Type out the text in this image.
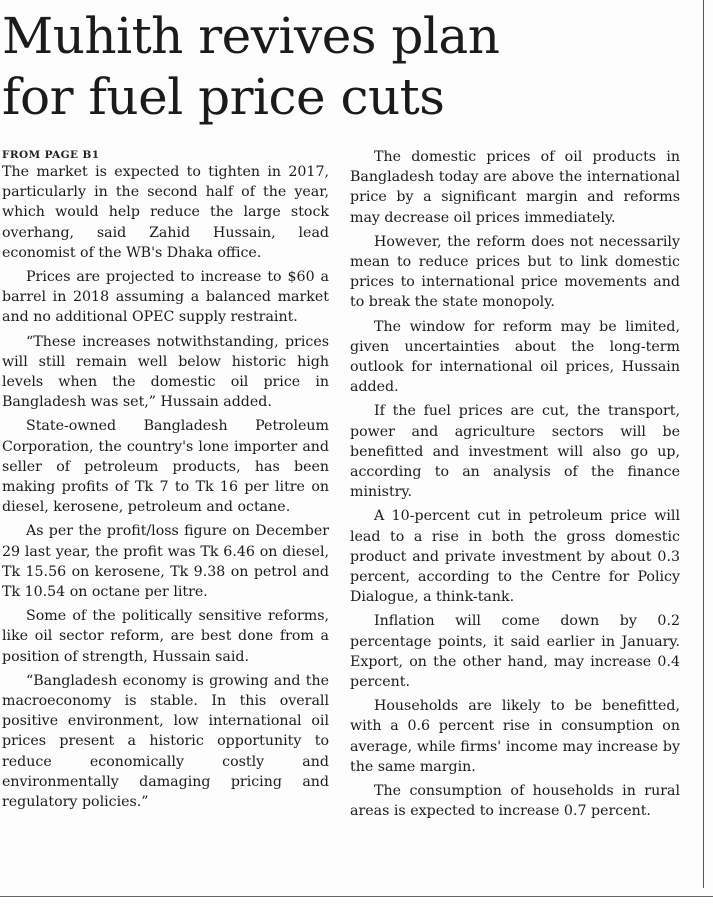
Muhith revives plan
for fuel price cuts
FROM PAGE B1

The market is expected to tighten in 2017, particularly in the second half of the year, which would help reduce the large stock overhang, said Zahid Hussain, lead economist of the WB's Dhaka office.

Prices are projected to increase to $60 a barrel in 2018 assuming a balanced market and no additional OPEC supply restraint.

“These increases notwithstanding, prices will still remain well below historic high levels when the domestic oil price in Bangladesh was set,” Hussain added.

State-owned Bangladesh Petroleum Corporation, the country's lone importer and seller of petroleum products, has been making profits of Tk 7 to Tk 16 per litre on diesel, kerosene, petroleum and octane.

As per the profit/loss figure on December 29 last year, the profit was Tk 6.46 on diesel, Tk 15.56 on kerosene, Tk 9.38 on petrol and Tk 10.54 on octane per litre.

Some of the politically sensitive reforms, like oil sector reform, are best done from a position of strength, Hussain said.

“Bangladesh economy is growing and the macroeconomy is stable. In this overall positive environment, low international oil prices present a historic opportunity to reduce economically costly and environmentally damaging pricing and regulatory policies.”

The domestic prices of oil products in Bangladesh today are above the international price by a significant margin and reforms may decrease oil prices immediately.

However, the reform does not necessarily mean to reduce prices but to link domestic prices to international price movements and to break the state monopoly.

The window for reform may be limited, given uncertainties about the long-term outlook for international oil prices, Hussain added.

If the fuel prices are cut, the transport, power and agriculture sectors will be benefitted and investment will also go up, according to an analysis of the finance ministry.

A 10-percent cut in petroleum price will lead to a rise in both the gross domestic product and private investment by about 0.3 percent, according to the Centre for Policy Dialogue, a think-tank.

Inflation will come down by 0.2 percentage points, it said earlier in January. Export, on the other hand, may increase 0.4 percent.

Households are likely to be benefitted, with a 0.6 percent rise in consumption on average, while firms' income may increase by the same margin.

The consumption of households in rural areas is expected to increase 0.7 percent.
